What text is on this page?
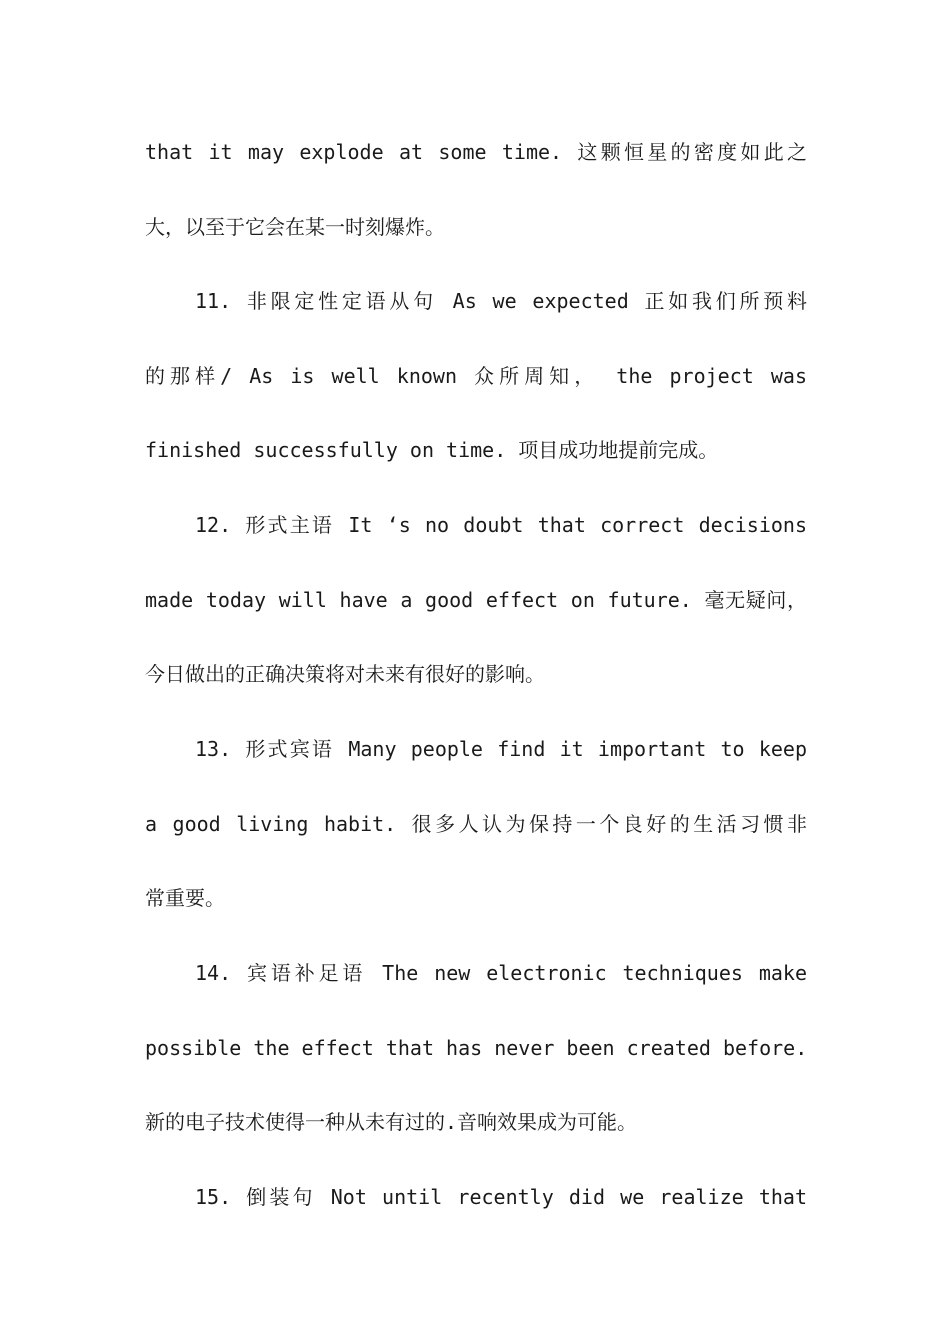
that it may explode at some time. 这颗恒星的密度如此之
大，以至于它会在某一时刻爆炸。
11. 非限定性定语从句 As we expected 正如我们所预料
的那样/ As is well known 众所周知， the project was
finished successfully on time. 项目成功地提前完成。
12. 形式主语 It ‘s no doubt that correct decisions
made today will have a good effect on future. 毫无疑问，
今日做出的正确决策将对未来有很好的影响。
13. 形式宾语 Many people find it important to keep
a good living habit. 很多人认为保持一个良好的生活习惯非
常重要。
14. 宾语补足语 The new electronic techniques make
possible the effect that has never been created before.
新的电子技术使得一种从未有过的.音响效果成为可能。
15. 倒装句 Not until recently did we realize that
